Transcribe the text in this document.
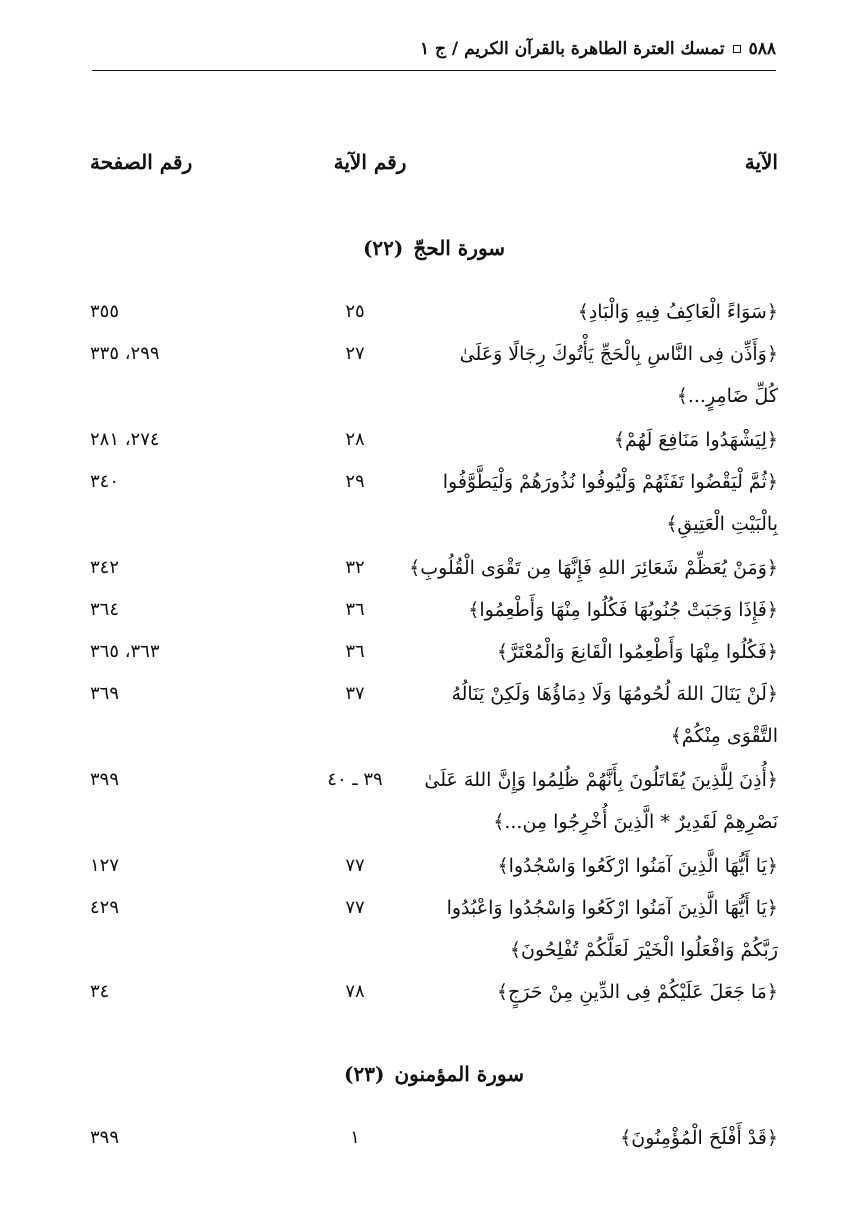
٥٨٨
تمسك العترة الطاهرة بالقرآن الكريم / ج ١
الآية
رقم الآية
رقم الصفحة
سورة الحجّ(٢٢)
﴿سَوَاءً الْعَاكِفُ فِيهِ وَالْبَادِ﴾
٢٥
٣٥٥
﴿وَأَذِّن فِى النَّاسِ بِالْحَجِّ يَأْتُوكَ رِجَالًا وَعَلَىٰ
٢٧
٢٩٩، ٣٣٥
كُلِّ ضَامِرٍ...﴾
﴿لِيَشْهَدُوا مَنَافِعَ لَهُمْ﴾
٢٨
٢٧٤، ٢٨١
﴿ثُمَّ لْيَقْضُوا تَفَثَهُمْ وَلْيُوفُوا نُذُورَهُمْ وَلْيَطَّوَّفُوا
٢٩
٣٤٠
بِالْبَيْتِ الْعَتِيقِ﴾
﴿وَمَنْ يُعَظِّمْ شَعَائِرَ اللهِ فَإِنَّهَا مِن تَقْوَى الْقُلُوبِ﴾
٣٢
٣٤٢
﴿فَإِذَا وَجَبَتْ جُنُوبُهَا فَكُلُوا مِنْهَا وَأَطْعِمُوا﴾
٣٦
٣٦٤
﴿فَكُلُوا مِنْهَا وَأَطْعِمُوا الْقَانِعَ وَالْمُعْتَرَّ﴾
٣٦
٣٦٣، ٣٦٥
﴿لَنْ يَنَالَ اللهَ لُحُومُهَا وَلَا دِمَاؤُهَا وَلَكِنْ يَنَالُهُ
٣٧
٣٦٩
التَّقْوَى مِنْكُمْ﴾
﴿أُذِنَ لِلَّذِينَ يُقَاتَلُونَ بِأَنَّهُمْ ظُلِمُوا وَإِنَّ اللهَ عَلَىٰ
٣٩ ـ ٤٠
٣٩٩
نَصْرِهِمْ لَقَدِيرٌ * الَّذِينَ أُخْرِجُوا مِن...﴾
﴿يَا أَيُّهَا الَّذِينَ آمَنُوا ارْكَعُوا وَاسْجُدُوا﴾
٧٧
١٢٧
﴿يَا أَيُّهَا الَّذِينَ آمَنُوا ارْكَعُوا وَاسْجُدُوا وَاعْبُدُوا
٧٧
٤٢٩
رَبَّكُمْ وَافْعَلُوا الْخَيْرَ لَعَلَّكُمْ تُفْلِحُونَ﴾
﴿مَا جَعَلَ عَلَيْكُمْ فِى الدِّينِ مِنْ حَرَجٍ﴾
٧٨
٣٤
سورة المؤمنون(٢٣)
﴿قَدْ أَفْلَحَ الْمُؤْمِنُونَ﴾
١
٣٩٩
